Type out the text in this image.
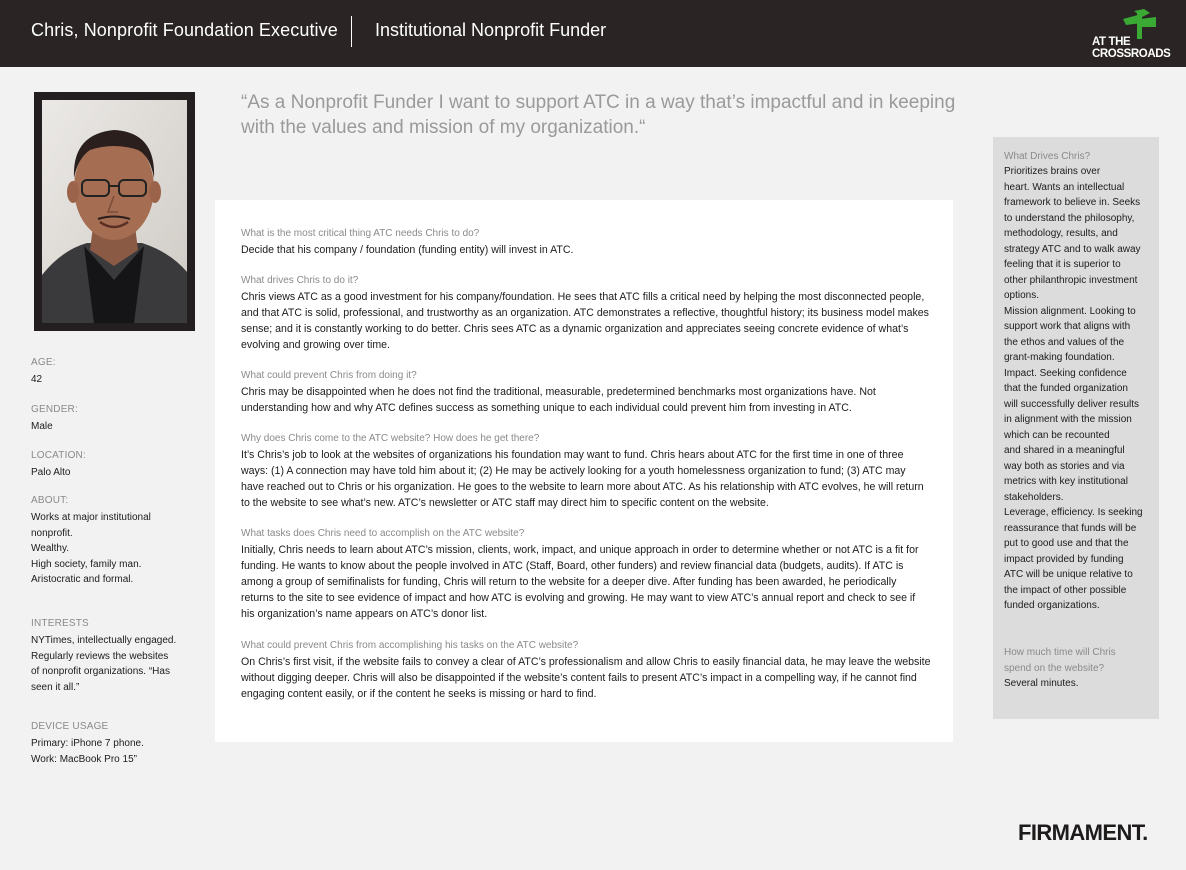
Chris, Nonprofit Foundation Executive Institutional Nonprofit Funder
AT THE
CROSSROADS
AGE:
42
GENDER:
Male
LOCATION:
Palo Alto
ABOUT:
Works at major institutional
nonprofit.
Wealthy.
High society, family man.
Aristocratic and formal.
INTERESTS
NYTimes, intellectually engaged.
Regularly reviews the websites
of nonprofit organizations. “Has
seen it all.”
DEVICE USAGE
Primary: iPhone 7 phone.
Work: MacBook Pro 15”
“As a Nonprofit Funder I want to support ATC in a way that’s impactful and in keeping with the values and mission of my organization.“
What is the most critical thing ATC needs Chris to do?
Decide that his company / foundation (funding entity) will invest in ATC.
What drives Chris to do it?
Chris views ATC as a good investment for his company/foundation. He sees that ATC fills a critical need by helping the most disconnected people, and that ATC is solid, professional, and trustworthy as an organization. ATC demonstrates a reflective, thoughtful history; its business model makes sense; and it is constantly working to do better. Chris sees ATC as a dynamic organization and appreciates seeing concrete evidence of what’s evolving and growing over time.
What could prevent Chris from doing it?
Chris may be disappointed when he does not find the traditional, measurable, predetermined benchmarks most organizations have. Not understanding how and why ATC defines success as something unique to each individual could prevent him from investing in ATC.
Why does Chris come to the ATC website? How does he get there?
It’s Chris’s job to look at the websites of organizations his foundation may want to fund. Chris hears about ATC for the first time in one of three ways: (1) A connection may have told him about it; (2) He may be actively looking for a youth homelessness organization to fund; (3) ATC may have reached out to Chris or his organization. He goes to the website to learn more about ATC. As his relationship with ATC evolves, he will return to the website to see what’s new. ATC’s newsletter or ATC staff may direct him to specific content on the website.
What tasks does Chris need to accomplish on the ATC website?
Initially, Chris needs to learn about ATC’s mission, clients, work, impact, and unique approach in order to determine whether or not ATC is a fit for funding. He wants to know about the people involved in ATC (Staff, Board, other funders) and review financial data (budgets, audits). If ATC is among a group of semifinalists for funding, Chris will return to the website for a deeper dive. After funding has been awarded, he periodically returns to the site to see evidence of impact and how ATC is evolving and growing. He may want to view ATC’s annual report and check to see if his organization’s name appears on ATC’s donor list.
What could prevent Chris from accomplishing his tasks on the ATC website?
On Chris’s first visit, if the website fails to convey a clear of ATC’s professionalism and allow Chris to easily financial data, he may leave the website without digging deeper. Chris will also be disappointed if the website’s content fails to present ATC’s impact in a compelling way, if he cannot find engaging content easily, or if the content he seeks is missing or hard to find.
What Drives Chris?
Prioritizes brains over
heart. Wants an intellectual
framework to believe in. Seeks
to understand the philosophy,
methodology, results, and
strategy ATC and to walk away
feeling that it is superior to
other philanthropic investment
options.
Mission alignment. Looking to
support work that aligns with
the ethos and values of the
grant-making foundation.
Impact. Seeking confidence
that the funded organization
will successfully deliver results
in alignment with the mission
which can be recounted
and shared in a meaningful
way both as stories and via
metrics with key institutional
stakeholders.
Leverage, efficiency. Is seeking
reassurance that funds will be
put to good use and that the
impact provided by funding
ATC will be unique relative to
the impact of other possible
funded organizations.
How much time will Chris
spend on the website?
Several minutes.
FIRMAMENT.
